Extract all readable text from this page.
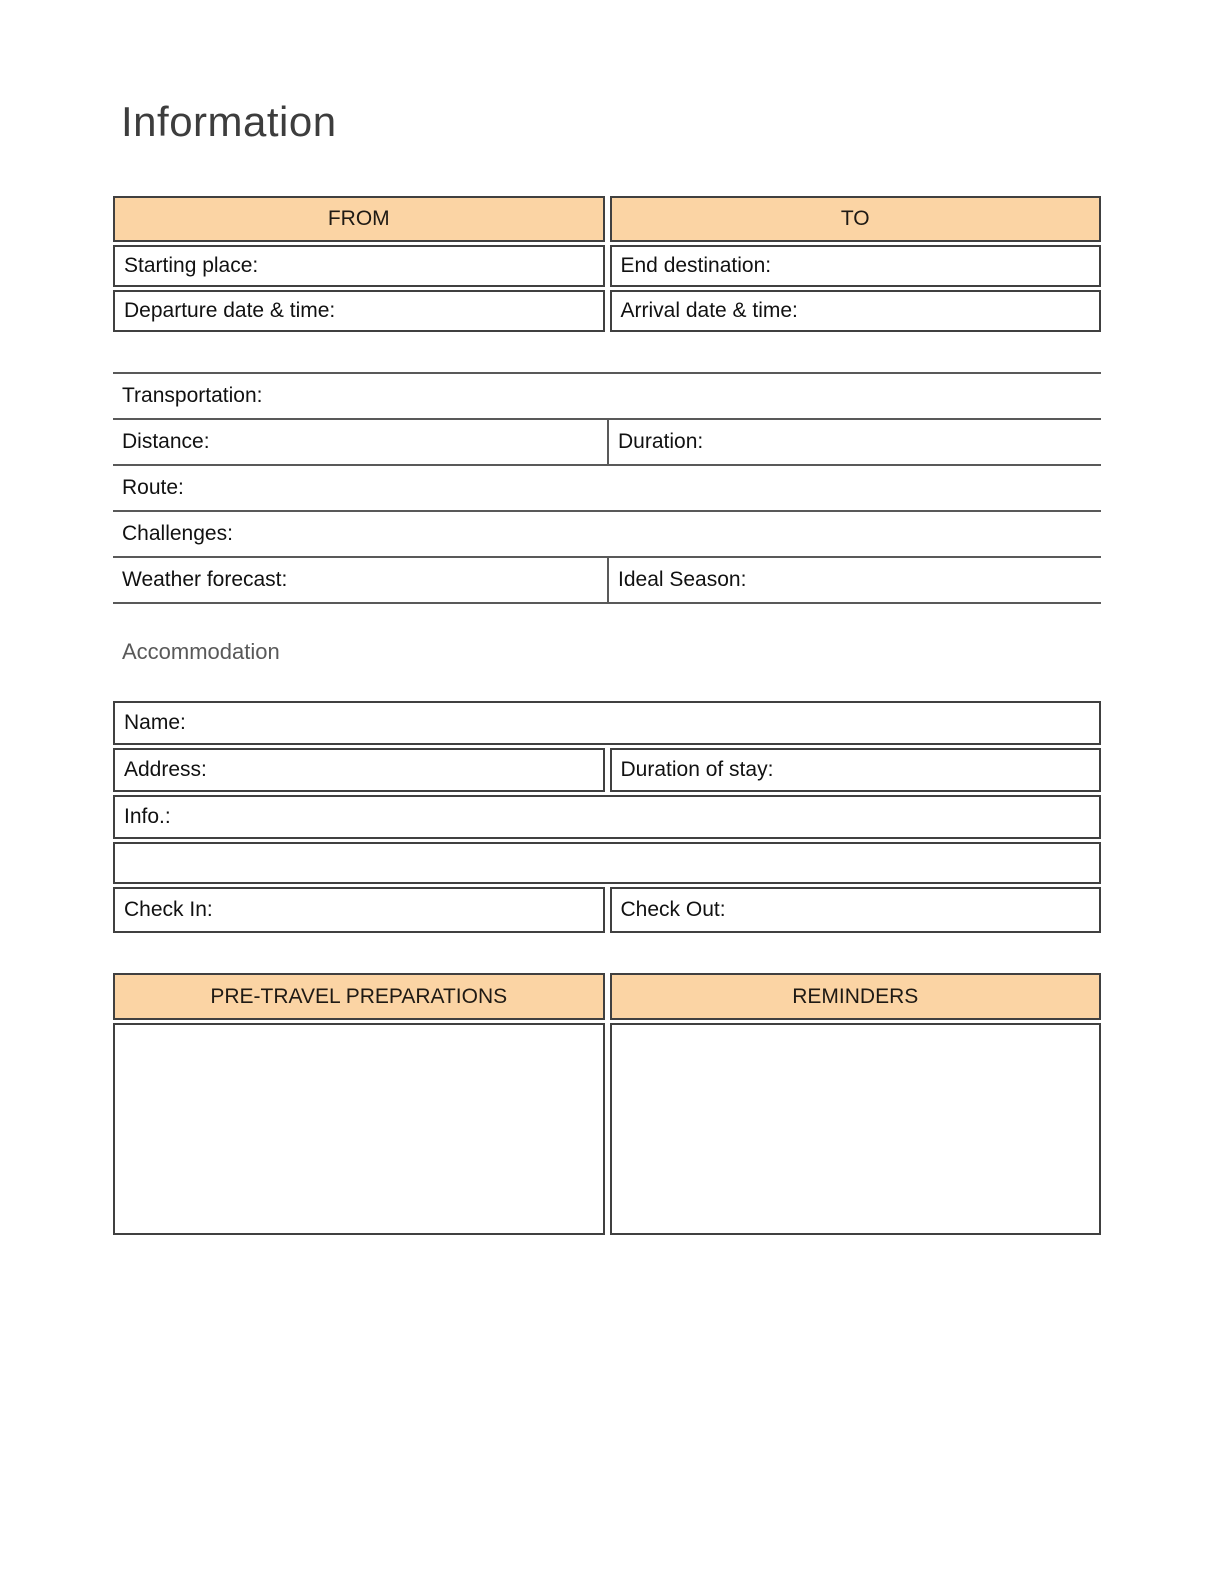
Information
FROM	TO
Starting place:	End destination:
Departure date & time:	Arrival date & time:
Transportation:
Distance:	Duration:
Route:
Challenges:
Weather forecast:	Ideal Season:
Accommodation
Name:
Address:	Duration of stay:
Info.:
Check In:	Check Out:
PRE-TRAVEL PREPARATIONS	REMINDERS
